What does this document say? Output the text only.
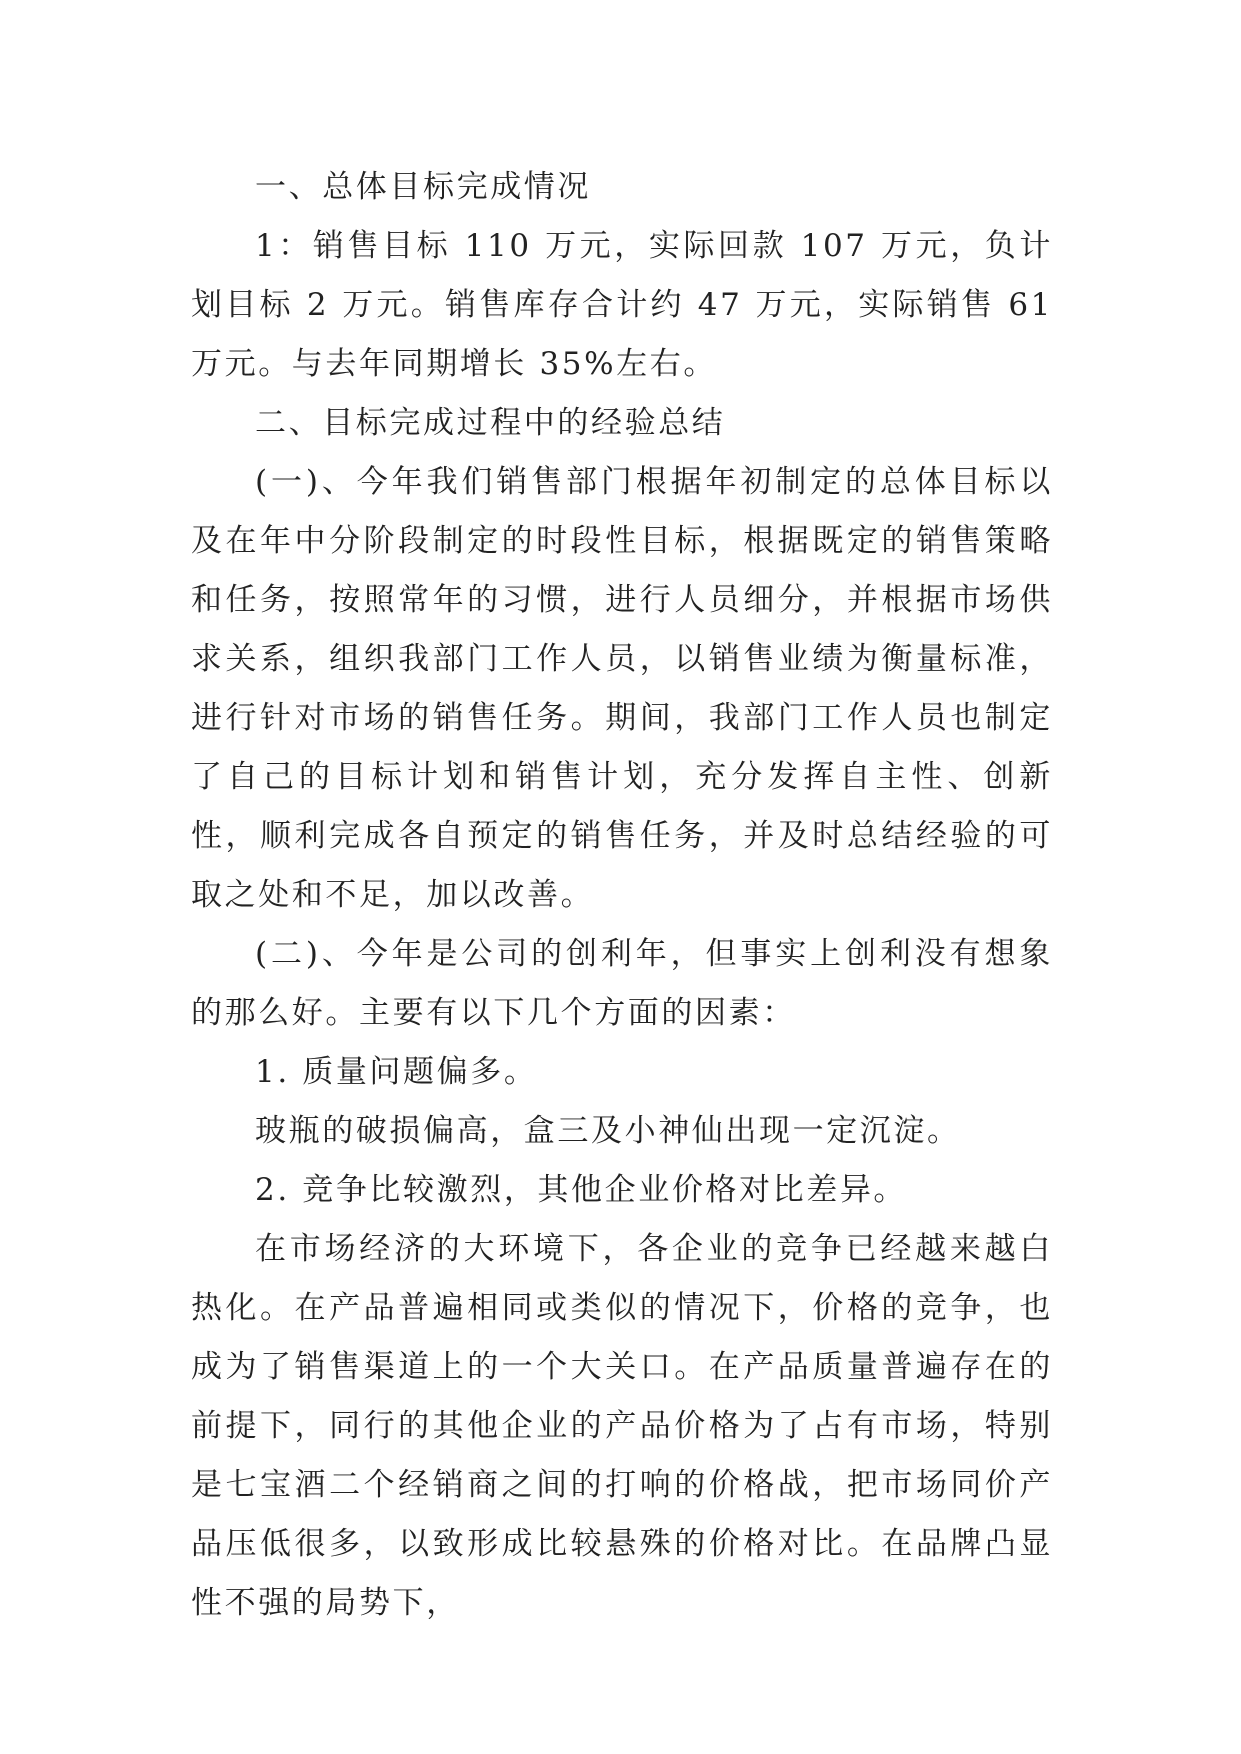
一、总体目标完成情况

1：销售目标 110 万元，实际回款 107 万元，负计划目标 2 万元。销售库存合计约 47 万元，实际销售 61 万元。与去年同期增长 35%左右。

二、目标完成过程中的经验总结

(一)、今年我们销售部门根据年初制定的总体目标以及在年中分阶段制定的时段性目标，根据既定的销售策略和任务，按照常年的习惯，进行人员细分，并根据市场供求关系，组织我部门工作人员，以销售业绩为衡量标准，进行针对市场的销售任务。期间，我部门工作人员也制定了自己的目标计划和销售计划，充分发挥自主性、创新性，顺利完成各自预定的销售任务，并及时总结经验的可取之处和不足，加以改善。

(二)、今年是公司的创利年，但事实上创利没有想象的那么好。主要有以下几个方面的因素：

1. 质量问题偏多。

玻瓶的破损偏高，盒三及小神仙出现一定沉淀。

2. 竞争比较激烈，其他企业价格对比差异。

在市场经济的大环境下，各企业的竞争已经越来越白热化。在产品普遍相同或类似的情况下，价格的竞争，也成为了销售渠道上的一个大关口。在产品质量普遍存在的前提下，同行的其他企业的产品价格为了占有市场，特别是七宝酒二个经销商之间的打响的价格战，把市场同价产品压低很多，以致形成比较悬殊的价格对比。在品牌凸显性不强的局势下，
